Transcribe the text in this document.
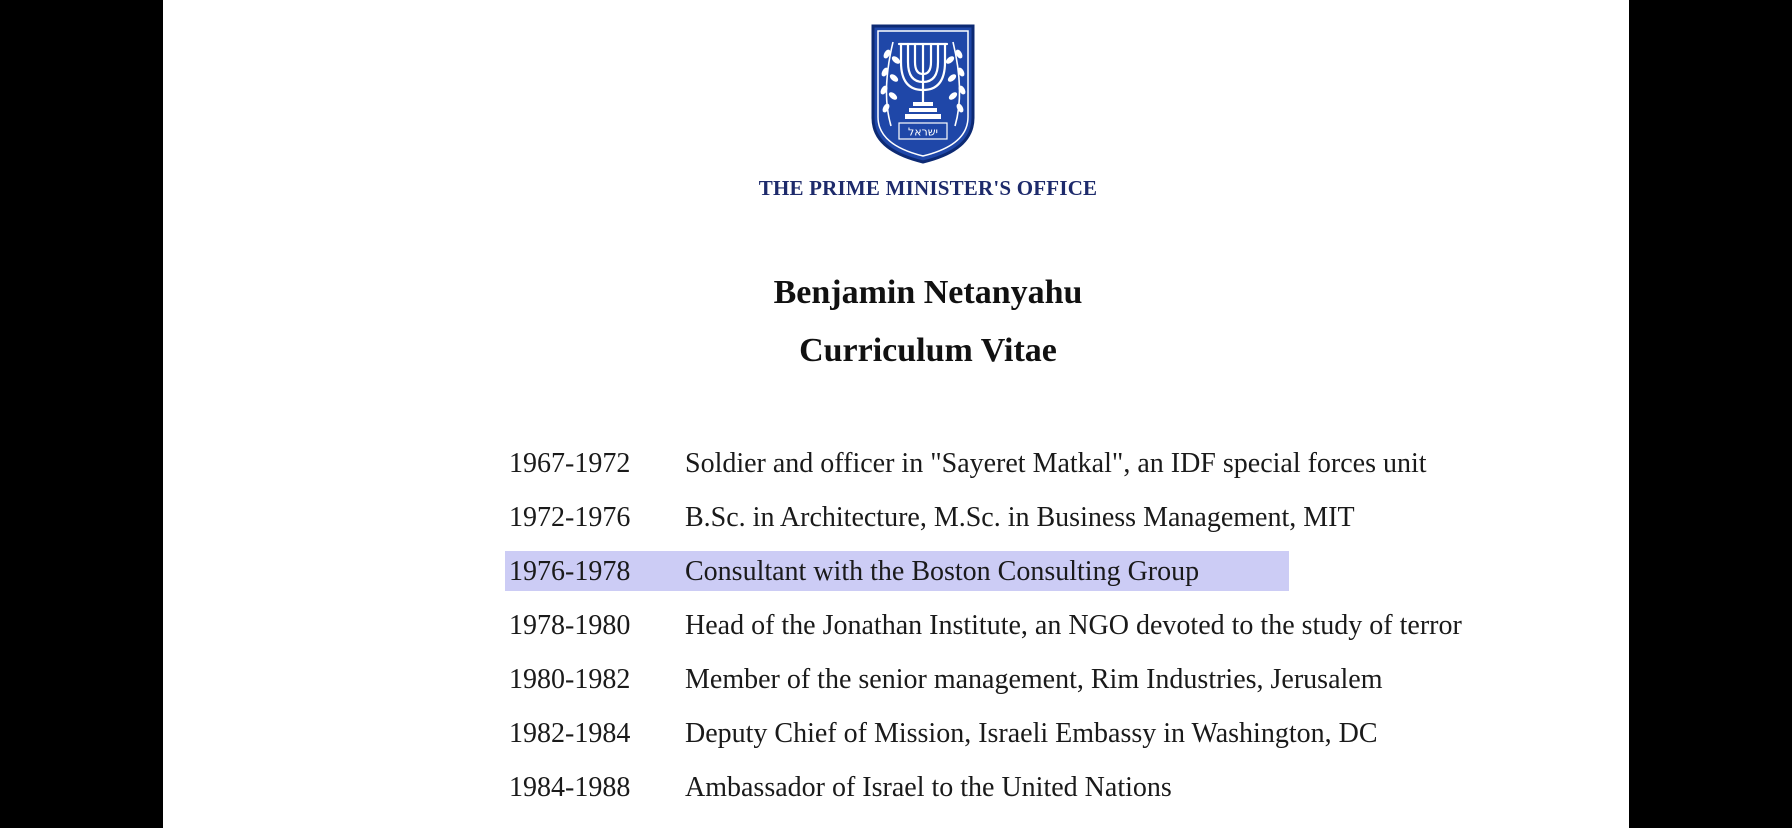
ישראל

THE PRIME MINISTER'S OFFICE

Benjamin Netanyahu
Curriculum Vitae
1967-1972 Soldier and officer in "Sayeret Matkal", an IDF special forces unit
1972-1976 B.Sc. in Architecture, M.Sc. in Business Management, MIT
1976-1978 Consultant with the Boston Consulting Group
1978-1980 Head of the Jonathan Institute, an NGO devoted to the study of terror
1980-1982 Member of the senior management, Rim Industries, Jerusalem
1982-1984 Deputy Chief of Mission, Israeli Embassy in Washington, DC
1984-1988 Ambassador of Israel to the United Nations
